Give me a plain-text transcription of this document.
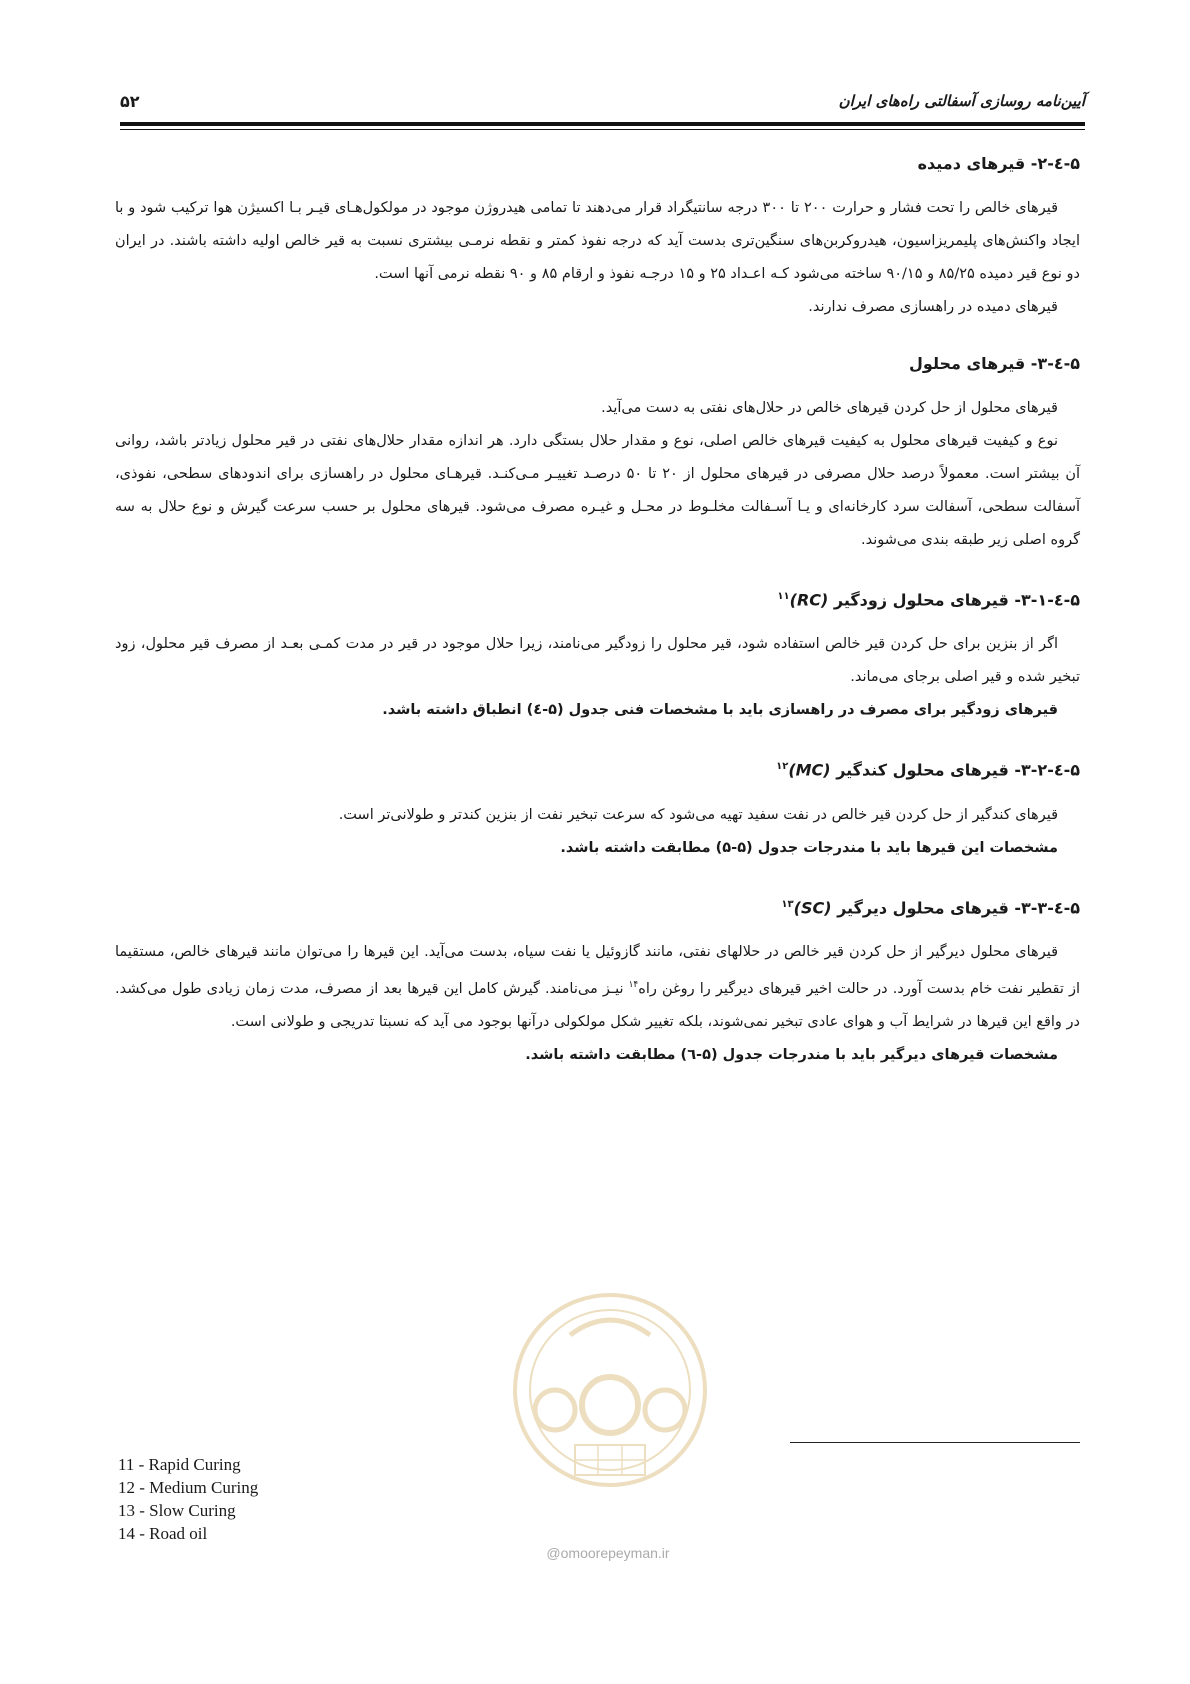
آیین‌نامه روسازی آسفالتی راه‌های ایران
۵۲
۵-٤-۲- قیرهای دمیده

قیرهای خالص را تحت فشار و حرارت ۲۰۰ تا ۳۰۰ درجه سانتیگراد قرار می‌دهند تا تمامی هیدروژن موجود در مولکول‌هـای قیـر بـا اکسیژن هوا ترکیب شود و با ایجاد واکنش‌های پلیمریزاسیون، هیدروکربن‌های سنگین‌تری بدست آید که درجه نفوذ کمتر و نقطه نرمـی بیشتری نسبت به قیر خالص اولیه داشته باشند. در ایران دو نوع قیر دمیده ۸۵/۲۵ و ۹۰/۱۵ ساخته می‌شود کـه اعـداد ۲۵ و ۱۵ درجـه نفوذ و ارقام ۸۵ و ۹۰ نقطه نرمی آنها است.

قیرهای دمیده در راهسازی مصرف ندارند.

۵-٤-۳- قیرهای محلول

قیرهای محلول از حل کردن قیرهای خالص در حلال‌های نفتی به دست می‌آید.

نوع و کیفیت قیرهای محلول به کیفیت قیرهای خالص اصلی، نوع و مقدار حلال بستگی دارد. هر اندازه مقدار حلال‌های نفتی در قیر محلول زیادتر باشد، روانی آن بیشتر است. معمولاً درصد حلال مصرفی در قیرهای محلول از ۲۰ تا ۵۰ درصـد تغییـر مـی‌کنـد. قیرهـای محلول در راهسازی برای اندودهای سطحی، نفوذی، آسفالت سطحی، آسفالت سرد کارخانه‌ای و یـا آسـفالت مخلـوط در محـل و غیـره مصرف می‌شود. قیرهای محلول بر حسب سرعت گیرش و نوع حلال به سه گروه اصلی زیر طبقه بندی می‌شوند.

۵-٤-۳-۱- قیرهای محلول زودگیر (RC)$^{۱۱}$

اگر از بنزین برای حل کردن قیر خالص استفاده شود، قیر محلول را زودگیر می‌نامند، زیرا حلال موجود در قیر در مدت کمـی بعـد از مصرف قیر محلول، زود تبخیر شده و قیر اصلی برجای می‌ماند.

قیرهای زودگیر برای مصرف در راهسازی باید با مشخصات فنی جدول (۵-٤) انطباق داشته باشد.

۵-٤-۳-۲- قیرهای محلول کندگیر (MC)$^{۱۲}$

قیرهای کندگیر از حل کردن قیر خالص در نفت سفید تهیه می‌شود که سرعت تبخیر نفت از بنزین کندتر و طولانی‌تر است.

مشخصات این قیرها باید با مندرجات جدول (۵-۵) مطابقت داشته باشد.

۵-٤-۳-۳- قیرهای محلول دیرگیر (SC)$^{۱۳}$

قیرهای محلول دیرگیر از حل کردن قیر خالص در حلالهای نفتی، مانند گازوئیل یا نفت سیاه، بدست می‌آید. این قیرها را می‌توان مانند قیرهای خالص، مستقیما از تقطیر نفت خام بدست آورد. در حالت اخیر قیرهای دیرگیر را روغن راه$^{۱۴}$ نیـز می‌نامند. گیرش کامل این قیرها بعد از مصرف، مدت زمان زیادی طول می‌کشد. در واقع این قیرها در شرایط آب و هوای عادی تبخیر نمی‌شوند، بلکه تغییر شکل مولکولی درآنها بوجود می آید که نسبتا تدریجی و طولانی است.

مشخصات قیرهای دیرگیر باید با مندرجات جدول (۵-٦) مطابقت داشته باشد.

@omoorepeyman.ir
11 - Rapid Curing
12 - Medium Curing
13 - Slow Curing
14 - Road oil
